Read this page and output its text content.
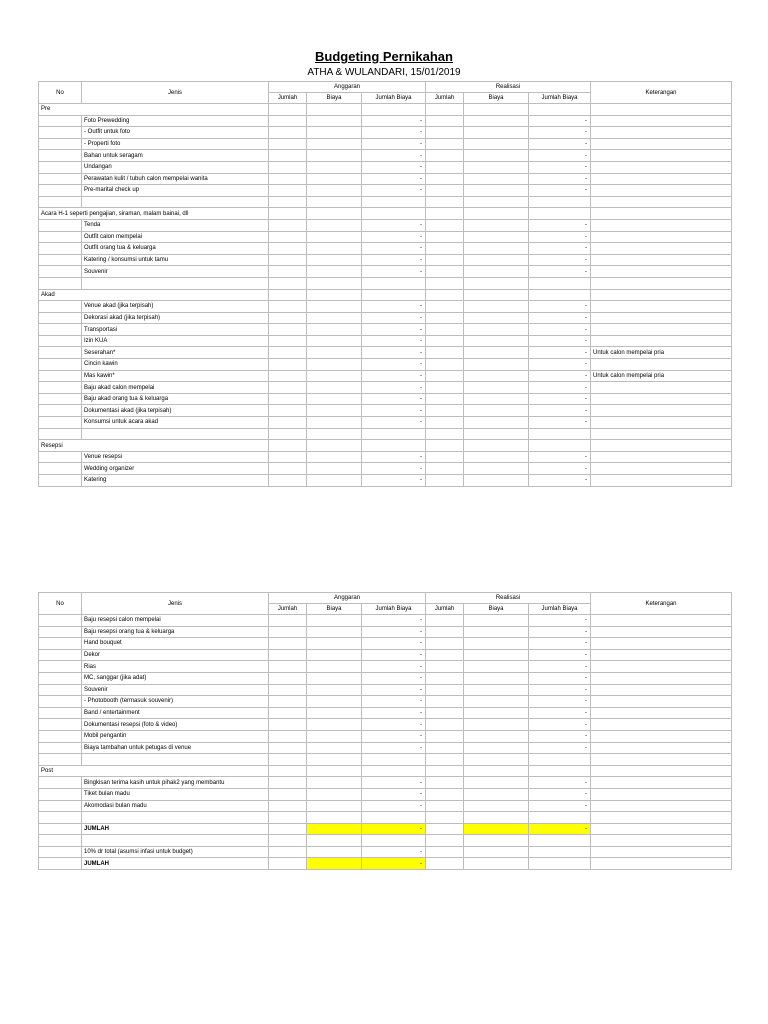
Budgeting Pernikahan
ATHA & WULANDARI, 15/01/2019
No	Jenis	Anggaran			Realisasi			Keterangan
		Jumlah	Biaya	Jumlah Biaya	Jumlah	Biaya	Jumlah Biaya	
Pre								
	Foto Prewedding			-			-	
	- Outfit untuk foto			-			-	
	- Properti foto			-			-	
	Bahan untuk seragam			-			-	
	Undangan			-			-	
	Perawatan kulit / tubuh calon mempelai wanita			-			-	
	Pre-marital check up			-			-	

Acara H-1 seperti pengajian, siraman, malam bainai, dll								
	Tenda			-			-	
	Outfit calon mempelai			-			-	
	Outfit orang tua & keluarga			-			-	
	Katering / konsumsi untuk tamu			-			-	
	Souvenir			-			-	

Akad								
	Venue akad (jika terpisah)			-			-	
	Dekorasi akad (jika terpisah)			-			-	
	Transportasi			-			-	
	Izin KUA			-			-	
	Seserahan*			-			-	Untuk calon mempelai pria
	Cincin kawin			-			-	
	Mas kawin*			-			-	Untuk calon mempelai pria
	Baju akad calon mempelai			-			-	
	Baju akad orang tua & keluarga			-			-	
	Dokumentasi akad (jika terpisah)			-			-	
	Konsumsi untuk acara akad			-			-	

Resepsi								
	Venue resepsi			-			-	
	Wedding organizer			-			-	
	Katering			-			-	
No	Jenis	Anggaran			Realisasi			Keterangan
		Jumlah	Biaya	Jumlah Biaya	Jumlah	Biaya	Jumlah Biaya	
	Baju resepsi calon mempelai			-			-	
	Baju resepsi orang tua & keluarga			-			-	
	Hand bouquet			-			-	
	Dekor			-			-	
	Rias			-			-	
	MC, sanggar (jika adat)			-			-	
	Souvenir			-			-	
	- Photobooth (termasuk souvenir)			-			-	
	Band / entertainment			-			-	
	Dokumentasi resepsi (foto & video)			-			-	
	Mobil pengantin			-			-	
	Biaya tambahan untuk petugas di venue			-			-	

Post								
	Bingkisan terima kasih untuk pihak2 yang membantu			-			-	
	Tiket bulan madu			-			-	
	Akomodasi bulan madu			-			-	

	JUMLAH			-			-	

	10% dr total (asumsi infasi untuk budget)			-				
	JUMLAH			-				
